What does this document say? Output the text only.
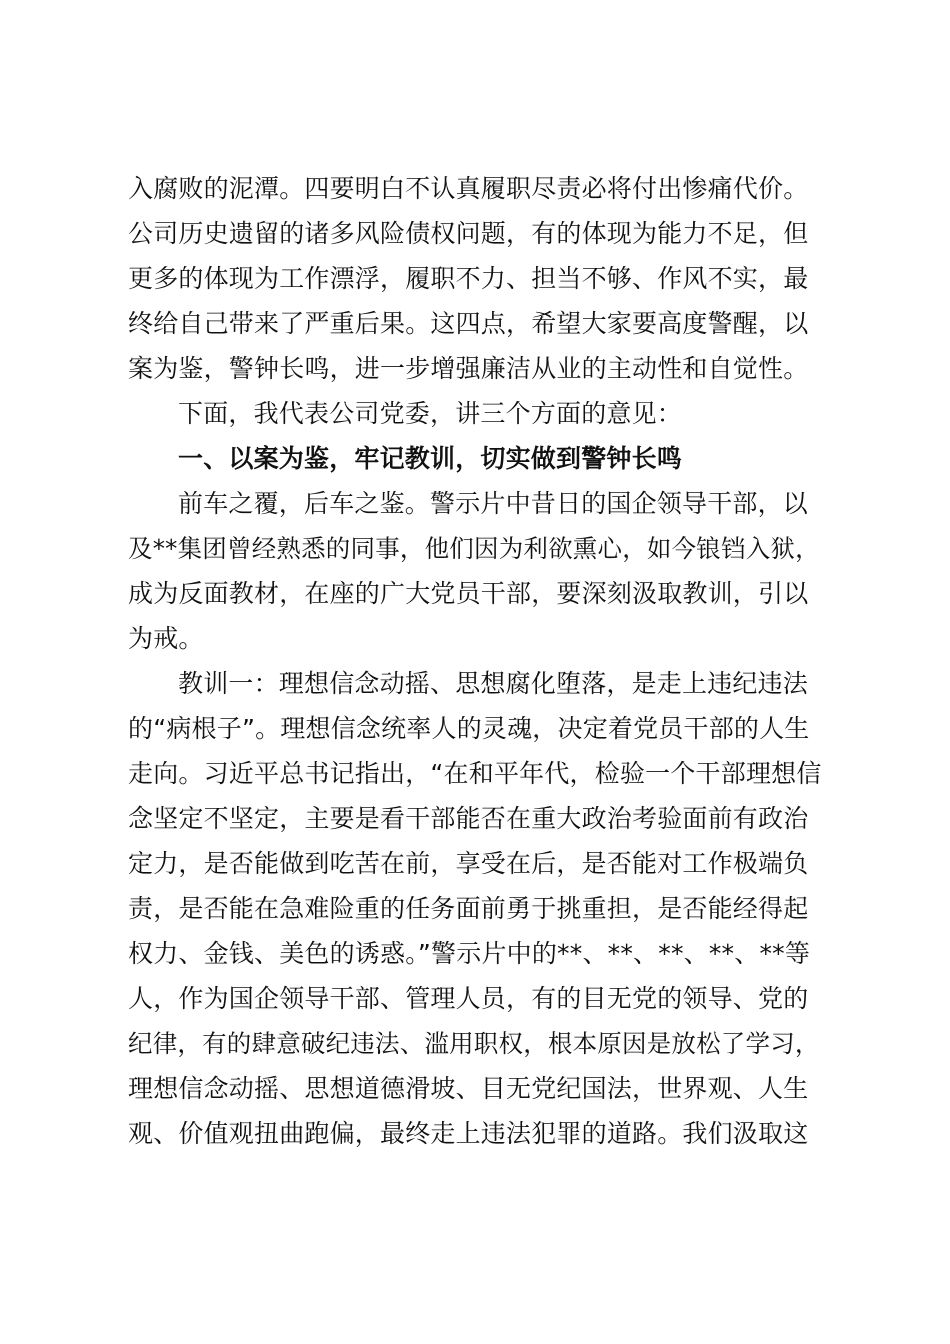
入腐败的泥潭。四要明白不认真履职尽责必将付出惨痛代价。
公司历史遗留的诸多风险债权问题，有的体现为能力不足，但
更多的体现为工作漂浮，履职不力、担当不够、作风不实，最
终给自己带来了严重后果。这四点，希望大家要高度警醒，以
案为鉴，警钟长鸣，进一步增强廉洁从业的主动性和自觉性。
下面，我代表公司党委，讲三个方面的意见：
一、以案为鉴，牢记教训，切实做到警钟长鸣
前车之覆，后车之鉴。警示片中昔日的国企领导干部，以
及**集团曾经熟悉的同事，他们因为利欲熏心，如今锒铛入狱，
成为反面教材，在座的广大党员干部，要深刻汲取教训，引以
为戒。
教训一：理想信念动摇、思想腐化堕落，是走上违纪违法
的“病根子”。理想信念统率人的灵魂，决定着党员干部的人生
走向。习近平总书记指出，“在和平年代，检验一个干部理想信
念坚定不坚定，主要是看干部能否在重大政治考验面前有政治
定力，是否能做到吃苦在前，享受在后，是否能对工作极端负
责，是否能在急难险重的任务面前勇于挑重担，是否能经得起
权力、金钱、美色的诱惑。”警示片中的**、**、**、**、**等
人，作为国企领导干部、管理人员，有的目无党的领导、党的
纪律，有的肆意破纪违法、滥用职权，根本原因是放松了学习，
理想信念动摇、思想道德滑坡、目无党纪国法，世界观、人生
观、价值观扭曲跑偏，最终走上违法犯罪的道路。我们汲取这
